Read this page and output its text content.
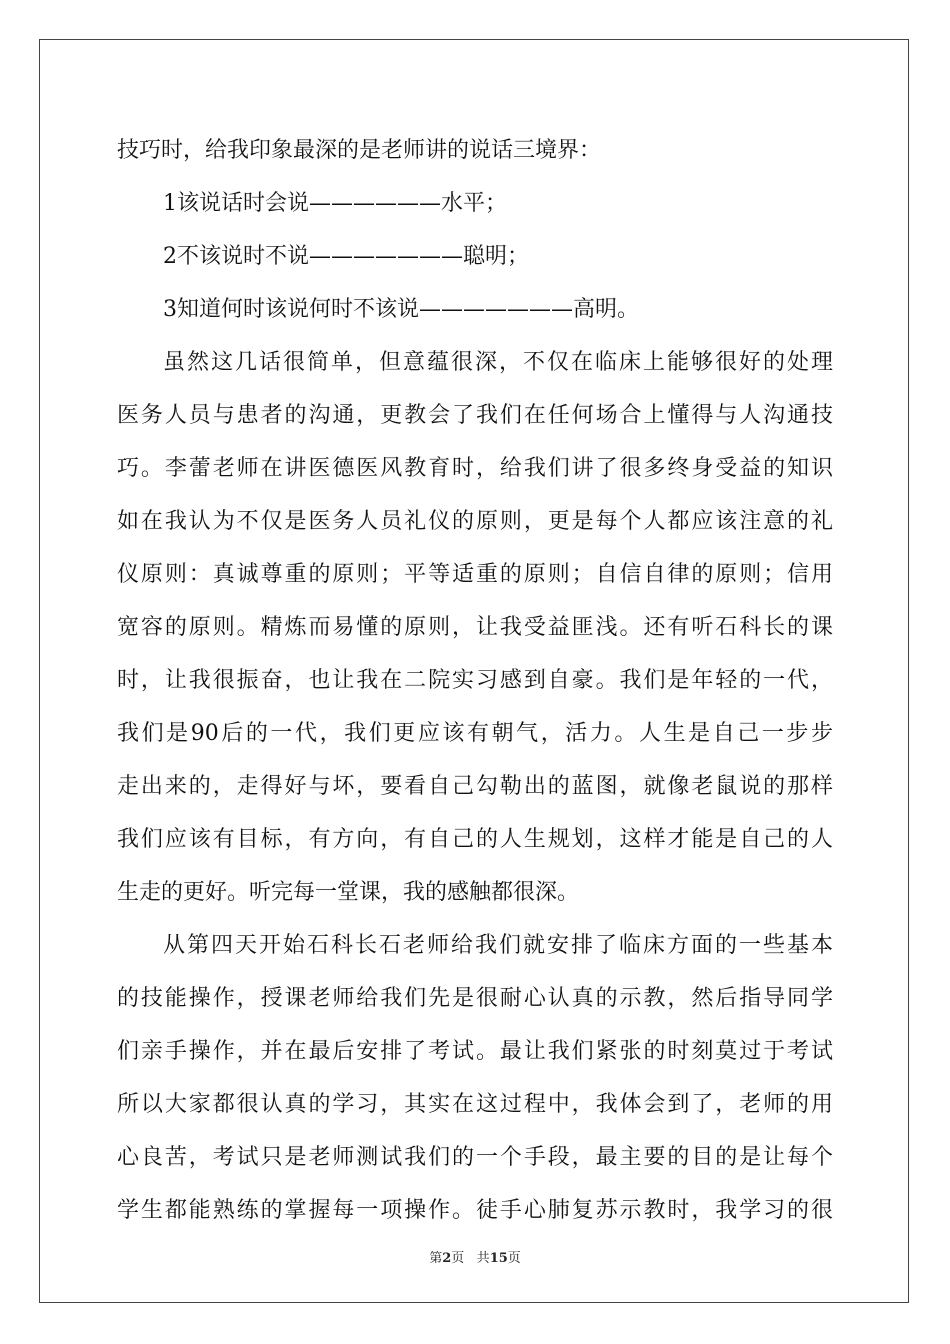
技巧时，给我印象最深的是老师讲的说话三境界：
1该说话时会说——————水平；
2不该说时不说———————聪明；
3知道何时该说何时不该说———————高明。
虽然这几话很简单，但意蕴很深，不仅在临床上能够很好的处理
医务人员与患者的沟通，更教会了我们在任何场合上懂得与人沟通技
巧。李蕾老师在讲医德医风教育时，给我们讲了很多终身受益的知识
如在我认为不仅是医务人员礼仪的原则，更是每个人都应该注意的礼
仪原则：真诚尊重的原则；平等适重的原则；自信自律的原则；信用
宽容的原则。精炼而易懂的原则，让我受益匪浅。还有听石科长的课
时，让我很振奋，也让我在二院实习感到自豪。我们是年轻的一代，
我们是90后的一代，我们更应该有朝气，活力。人生是自己一步步
走出来的，走得好与坏，要看自己勾勒出的蓝图，就像老鼠说的那样
我们应该有目标，有方向，有自己的人生规划，这样才能是自己的人
生走的更好。听完每一堂课，我的感触都很深。
从第四天开始石科长石老师给我们就安排了临床方面的一些基本
的技能操作，授课老师给我们先是很耐心认真的示教，然后指导同学
们亲手操作，并在最后安排了考试。最让我们紧张的时刻莫过于考试
所以大家都很认真的学习，其实在这过程中，我体会到了，老师的用
心良苦，考试只是老师测试我们的一个手段，最主要的目的是让每个
学生都能熟练的掌握每一项操作。徒手心肺复苏示教时，我学习的很
第2页 共15页
